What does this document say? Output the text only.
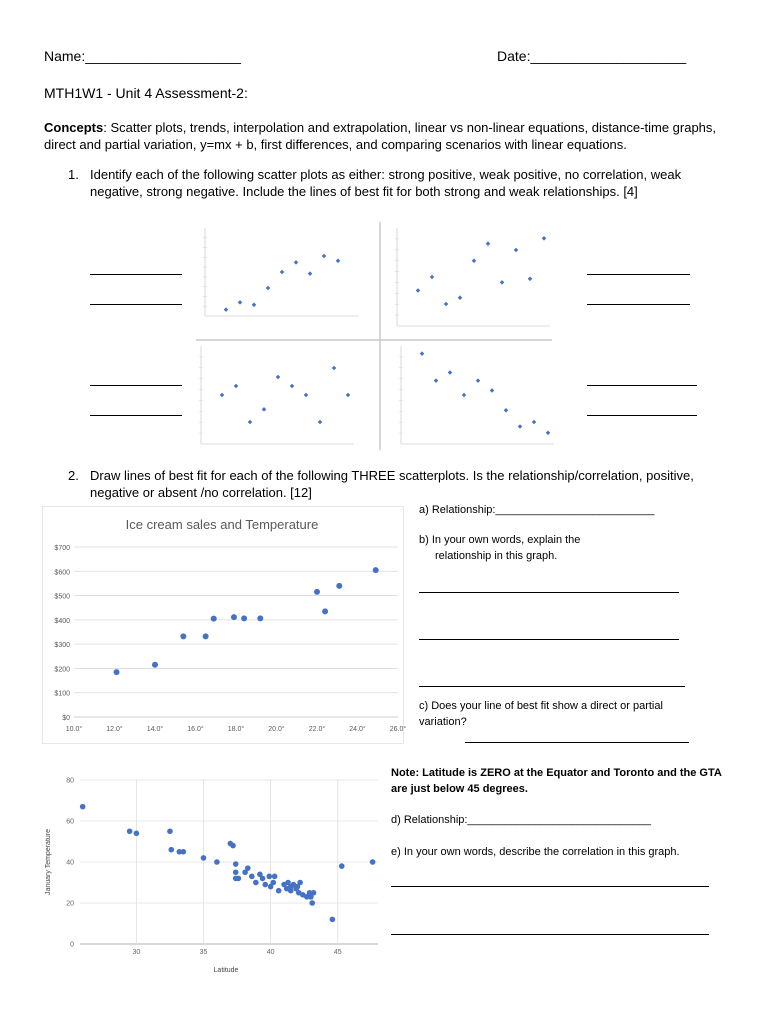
Name:____________________	Date:____________________
MTH1W1 - Unit 4 Assessment-2:
Concepts: Scatter plots, trends, interpolation and extrapolation, linear vs non-linear equations, distance-time graphs, direct and partial variation, y=mx + b, first differences, and comparing scenarios with linear equations.
1. Identify each of the following scatter plots as either: strong positive, weak positive, no correlation, weak negative, strong negative. Include the lines of best fit for both strong and weak relationships. [4]
2. Draw lines of best fit for each of the following THREE scatterplots. Is the relationship/correlation, positive, negative or absent /no correlation. [12]
Ice cream sales and Temperature
$0
$100
$200
$300
$400
$500
$600
$700
10.0°	12.0°	14.0°	16.0°	18.0°	20.0°	22.0°	24.0°	26.0°
a) Relationship:__________________________
b) In your own words, explain the
relationship in this graph.
c) Does your line of best fit show a direct or partial variation?
0
20
40
60
80
30	35	40	45
Latitude
January Temperature
Note: Latitude is ZERO at the Equator and Toronto and the GTA are just below 45 degrees.
d) Relationship:______________________________
e) In your own words, describe the correlation in this graph.
